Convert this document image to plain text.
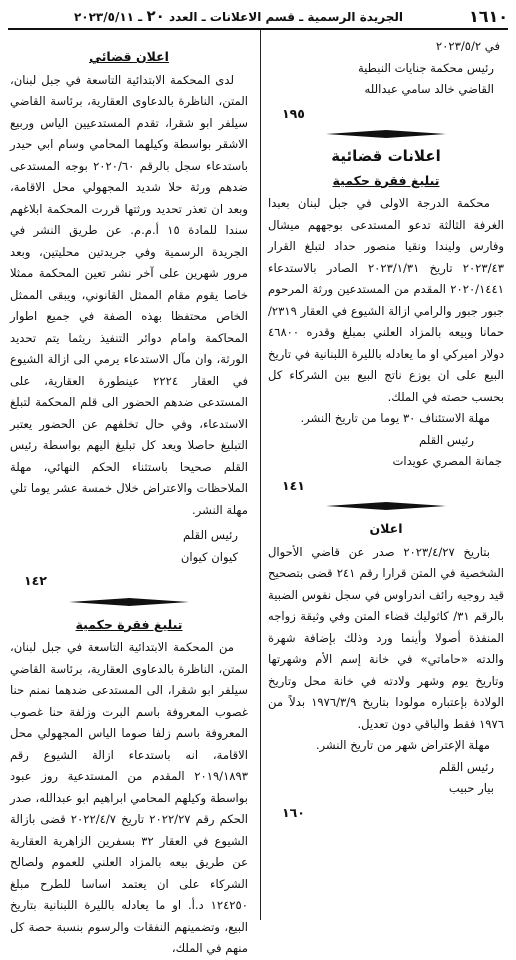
١٦١٠
الجريدة الرسمية ـ قسم الاعلانات ـ العدد ٢٠ ـ ٢٠٢٣/٥/١١

في ٢٠٢٣/٥/٢

رئيس محكمة جنايات النبطية

القاضي خالد سامي عبدالله

١٩٥

اعلانات قضائية
تبليغ فقرة حكمية

محكمة الدرجة الاولى في جبل لبنان بعبدا الغرفة الثالثة تدعو المستدعى بوجههم ميشال وفارس وليندا ونقيا منصور حداد لتبلغ القرار ٢٠٢٣/٤٣ تاريخ ٢٠٢٣/١/٣١ الصادر بالاستدعاء ٢٠٢٠/١٤٤١ المقدم من المستدعين ورثة المرحوم جبور جبور والرامي ازالة الشيوع في العقار ٢٣١٩/ حمانا وبيعه بالمزاد العلني بمبلغ وقدره ٤٦٨٠٠ دولار اميركي او ما يعادله بالليرة اللبنانية في تاريخ البيع على ان يوزع ناتج البيع بين الشركاء كل بحسب حصته في الملك.

مهلة الاستئناف ٣٠ يوما من تاريخ النشر.

رئيس القلم

جمانة المصري عويدات

١٤١

اعلان

بتاريخ ٢٠٢٣/٤/٢٧ صدر عن قاضي الأحوال الشخصية في المتن قرارا رقم ٢٤١ قضى بتصحيح قيد روجيه رائف اندراوس في سجل نفوس الضبية بالرقم ٣١/ كاثوليك قضاء المتن وفي وثيقة زواجه المنفذة أصولا وأينما ورد وذلك بإضافة شهرة والدته «حاماتي» في خانة إسم الأم وشهرتها وتاريخ يوم وشهر ولادته في خانة محل وتاريخ الولادة بإعتباره مولودا بتاريخ ١٩٧٦/٣/٩ بدلاً من ١٩٧٦ فقط والباقي دون تعديل.

مهلة الإعتراض شهر من تاريخ النشر.

رئيس القلم

بيار حبيب

١٦٠

اعلان قضائي

لدى المحكمة الابتدائية التاسعة في جبل لبنان، المتن، الناظرة بالدعاوى العقارية، برئاسة القاضي سيلفر ابو شقرا، تقدم المستدعيين الياس وربيع الاشقر بواسطة وكيلهما المحامي وسام ابي حيدر باستدعاء سجل بالرقم ٢٠٢٠/٦٠ بوجه المستدعى ضدهم ورثة حلا شديد المجهولي محل الاقامة، وبعد ان تعذر تحديد ورثتها قررت المحكمة ابلاغهم سندا للمادة ١٥ أ.م.م. عن طريق النشر في الجريدة الرسمية وفي جريدتين محليتين، وبعد مرور شهرين على آخر نشر تعين المحكمة ممثلا خاصا يقوم مقام الممثل القانوني، ويبقى الممثل الخاص محتفظا بهذه الصفة في جميع اطوار المحاكمة وامام دوائر التنفيذ ريثما يتم تحديد الورثة، وان مآل الاستدعاء يرمي الى ازالة الشيوع في العقار ٢٢٢٤ عينطورة العقارية، على المستدعى ضدهم الحضور الى قلم المحكمة لتبلغ الاستدعاء، وفي حال تخلفهم عن الحضور يعتبر التبليغ حاصلا ويعد كل تبليغ اليهم بواسطة رئيس القلم صحيحا باستثناء الحكم النهائي، مهلة الملاحظات والاعتراض خلال خمسة عشر يوما تلي مهلة النشر.

رئيس القلم

كيوان كيوان

١٤٢

تبليغ فقرة حكمية

من المحكمة الابتدائية التاسعة في جبل لبنان، المتن، الناظرة بالدعاوى العقارية، برئاسة القاضي سيلفر ابو شقرا، الى المستدعى ضدهما نمنم حنا غصوب المعروفة باسم البرت وزلفة حنا غصوب المعروفة باسم زلفا صوما الياس المجهولي محل الاقامة، انه باستدعاء ازالة الشيوع رقم ٢٠١٩/١٨٩٣ المقدم من المستدعية روز عبود بواسطة وكيلهم المحامي ابراهيم ابو عبدالله، صدر الحكم رقم ٢٠٢٢/٢٧ تاريخ ٢٠٢٢/٤/٧ قضى بازالة الشيوع في العقار ٣٢ بسفرين الزاهرية العقارية عن طريق بيعه بالمزاد العلني للعموم ولصالح الشركاء على ان يعتمد اساسا للطرح مبلغ ١٢٤٢٥٠ د.أ. او ما يعادله بالليرة اللبنانية بتاريخ البيع، وتضمينهم النفقات والرسوم بنسبة حصة كل منهم في الملك،
